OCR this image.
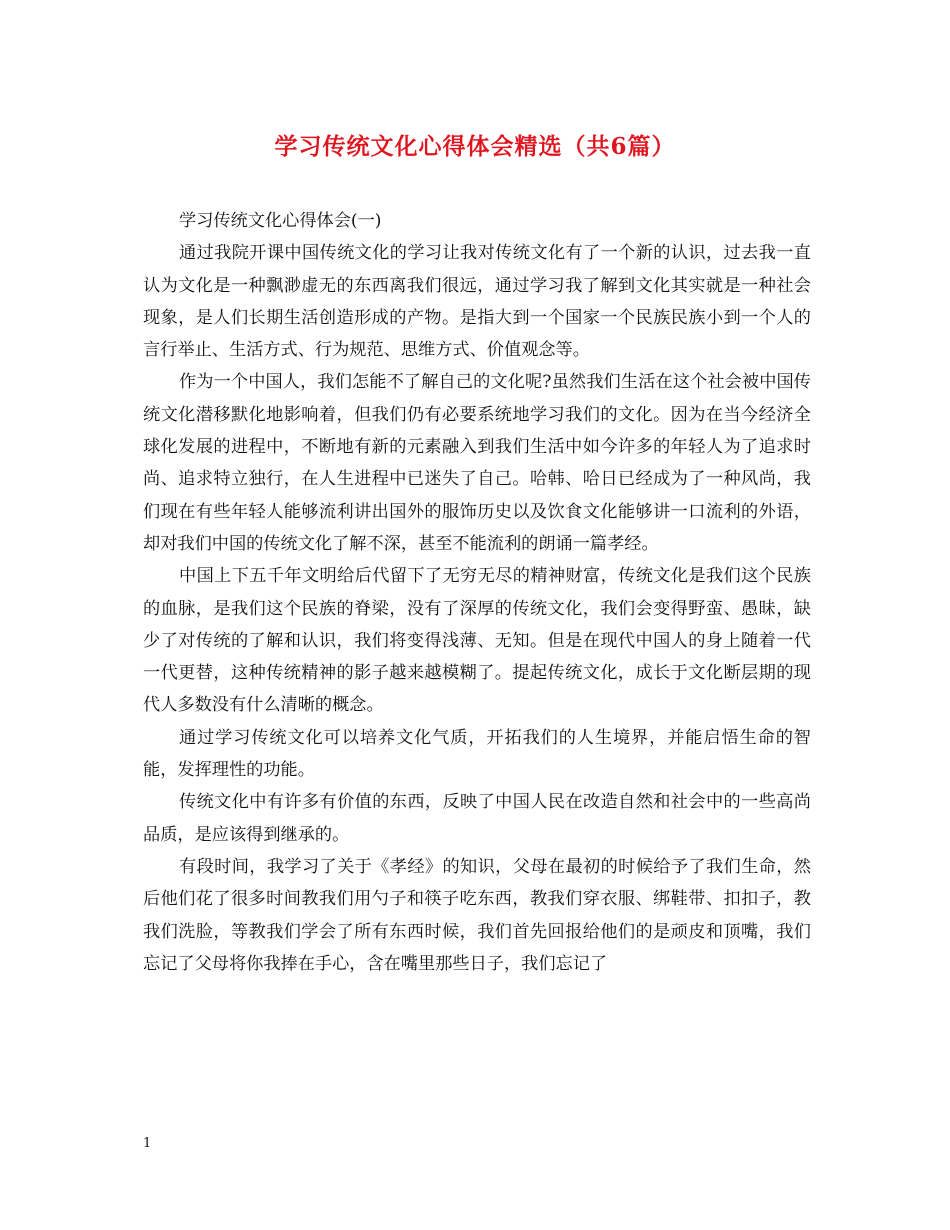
学习传统文化心得体会精选（共6篇）

学习传统文化心得体会(一)

通过我院开课中国传统文化的学习让我对传统文化有了一个新的认识，过去我一直认为文化是一种飘渺虚无的东西离我们很远，通过学习我了解到文化其实就是一种社会现象，是人们长期生活创造形成的产物。是指大到一个国家一个民族民族小到一个人的言行举止、生活方式、行为规范、思维方式、价值观念等。

作为一个中国人，我们怎能不了解自己的文化呢?虽然我们生活在这个社会被中国传统文化潜移默化地影响着，但我们仍有必要系统地学习我们的文化。因为在当今经济全球化发展的进程中，不断地有新的元素融入到我们生活中如今许多的年轻人为了追求时尚、追求特立独行，在人生进程中已迷失了自己。哈韩、哈日已经成为了一种风尚，我们现在有些年轻人能够流利讲出国外的服饰历史以及饮食文化能够讲一口流利的外语，却对我们中国的传统文化了解不深，甚至不能流利的朗诵一篇孝经。

中国上下五千年文明给后代留下了无穷无尽的精神财富，传统文化是我们这个民族的血脉，是我们这个民族的脊梁，没有了深厚的传统文化，我们会变得野蛮、愚昧，缺少了对传统的了解和认识，我们将变得浅薄、无知。但是在现代中国人的身上随着一代一代更替，这种传统精神的影子越来越模糊了。提起传统文化，成长于文化断层期的现代人多数没有什么清晰的概念。

通过学习传统文化可以培养文化气质，开拓我们的人生境界，并能启悟生命的智能，发挥理性的功能。

传统文化中有许多有价值的东西，反映了中国人民在改造自然和社会中的一些高尚品质，是应该得到继承的。

有段时间，我学习了关于《孝经》的知识，父母在最初的时候给予了我们生命，然后他们花了很多时间教我们用勺子和筷子吃东西，教我们穿衣服、绑鞋带、扣扣子，教我们洗脸，等教我们学会了所有东西时候，我们首先回报给他们的是顽皮和顶嘴，我们忘记了父母将你我捧在手心，含在嘴里那些日子，我们忘记了

1
